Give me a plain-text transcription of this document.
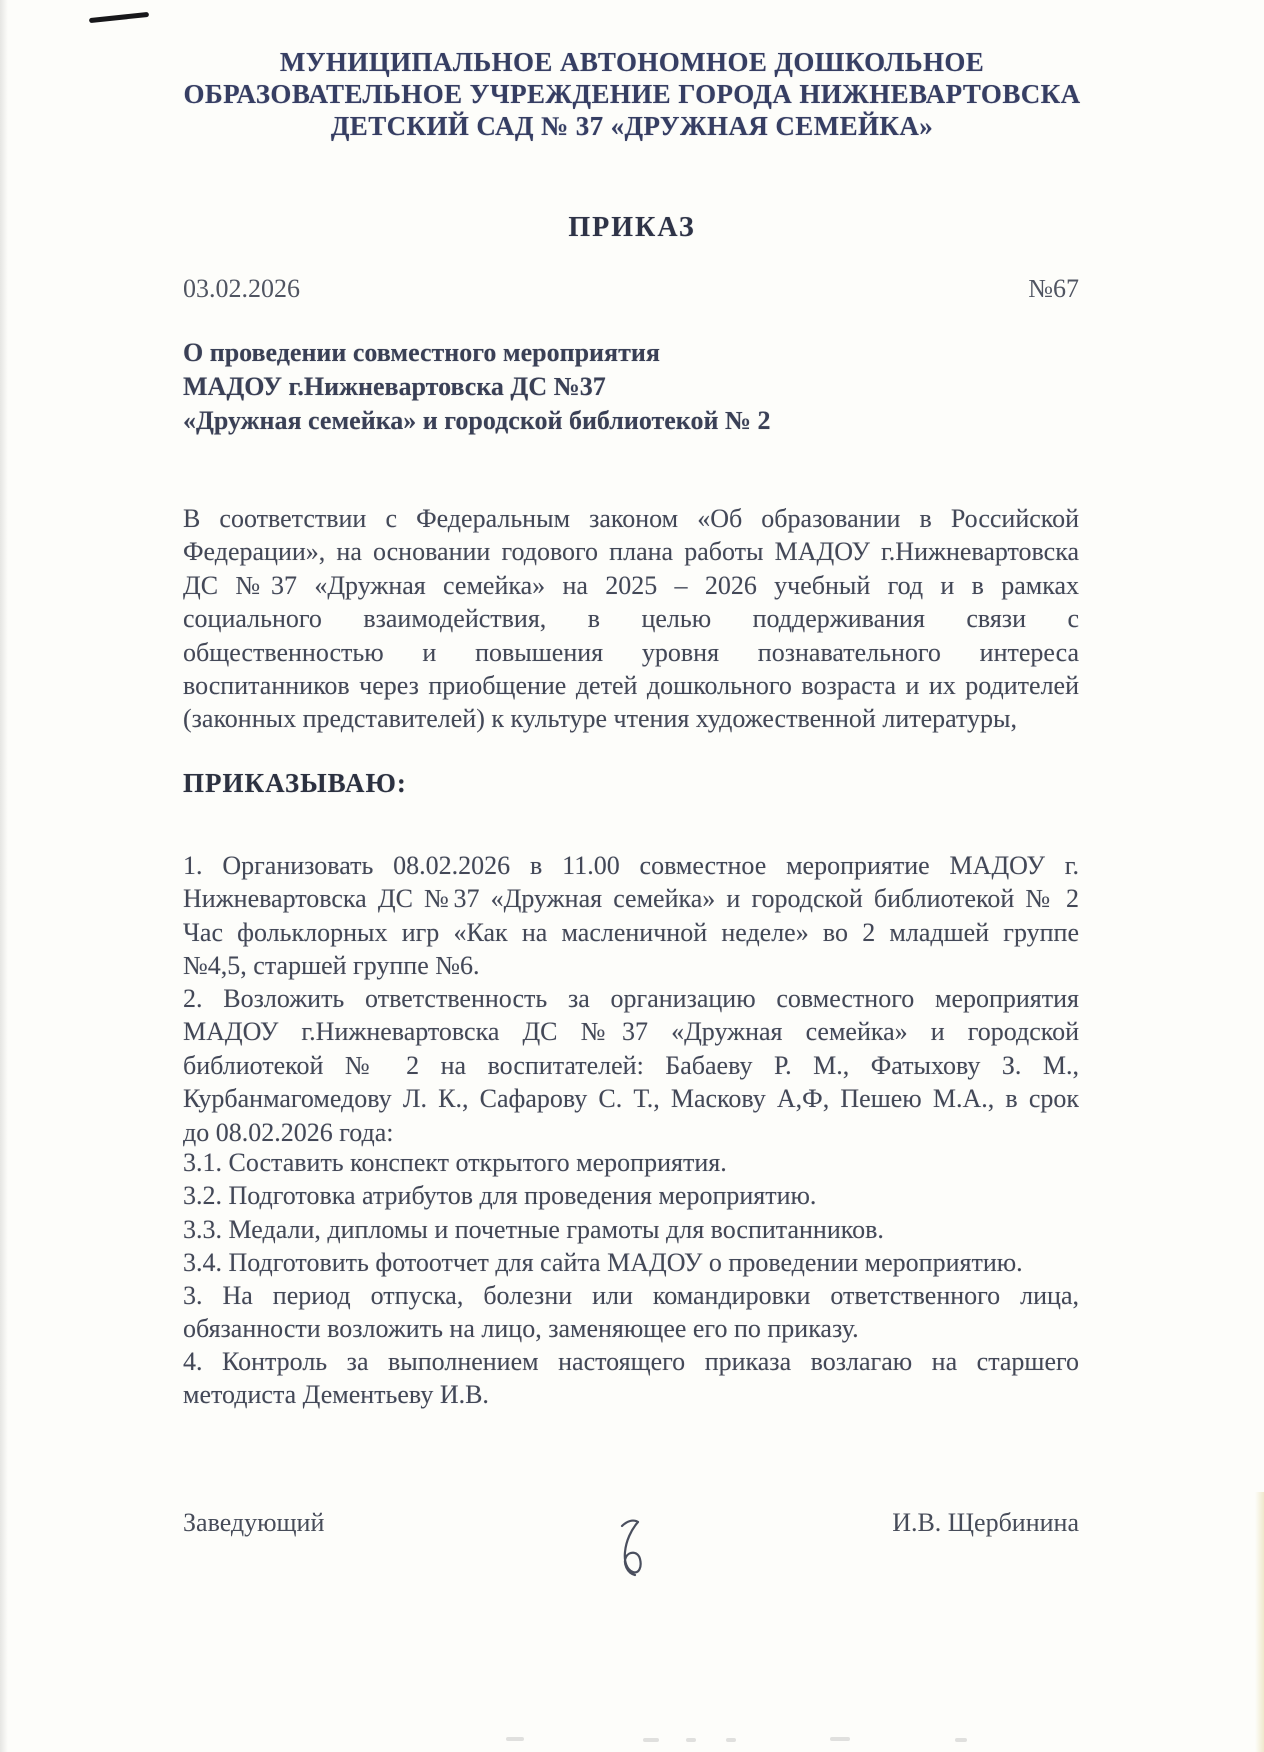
МУНИЦИПАЛЬНОЕ АВТОНОМНОЕ ДОШКОЛЬНОЕ
ОБРАЗОВАТЕЛЬНОЕ УЧРЕЖДЕНИЕ ГОРОДА НИЖНЕВАРТОВСКА
ДЕТСКИЙ САД № 37 «ДРУЖНАЯ СЕМЕЙКА»
ПРИКАЗ
03.02.2026	№67
О проведении совместного мероприятия
МАДОУ г.Нижневартовска ДС №37
«Дружная семейка» и городской библиотекой № 2
В соответствии с Федеральным законом «Об образовании в Российской
Федерации», на основании годового плана работы МАДОУ г.Нижневартовска
ДС №37 «Дружная семейка» на 2025 – 2026 учебный год и в рамках
социального взаимодействия, в целью поддерживания связи с
общественностью и повышения уровня познавательного интереса
воспитанников через приобщение детей дошкольного возраста и их родителей
(законных представителей) к культуре чтения художественной литературы,
ПРИКАЗЫВАЮ:
1. Организовать 08.02.2026 в 11.00 совместное мероприятие МАДОУ г.
Нижневартовска ДС №37 «Дружная семейка» и городской библиотекой № 2
Час фольклорных игр «Как на масленичной неделе» во 2 младшей группе
№4,5, старшей группе №6.
2. Возложить ответственность за организацию совместного мероприятия
МАДОУ г.Нижневартовска ДС №37 «Дружная семейка» и городской
библиотекой № 2 на воспитателей: Бабаеву Р. М., Фатыхову З. М.,
Курбанмагомедову Л. К., Сафарову С. Т., Маскову А,Ф, Пешею М.А., в срок
до 08.02.2026 года:
3.1. Составить конспект открытого мероприятия.
3.2. Подготовка атрибутов для проведения мероприятию.
3.3. Медали, дипломы и почетные грамоты для воспитанников.
3.4. Подготовить фотоотчет для сайта МАДОУ о проведении мероприятию.
3. На период отпуска, болезни или командировки ответственного лица,
обязанности возложить на лицо, заменяющее его по приказу.
4. Контроль за выполнением настоящего приказа возлагаю на старшего
методиста Дементьеву И.В.
Заведующий	И.В. Щербинина
